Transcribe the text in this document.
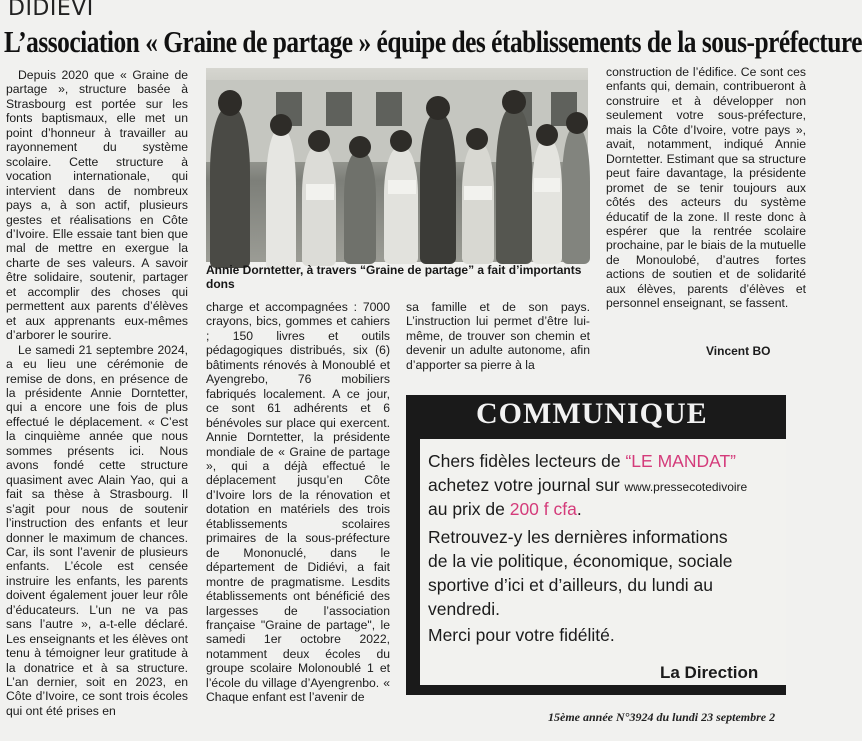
DIDIEVI
L’association « Graine de partage » équipe des établissements de la sous-préfecture

Depuis 2020 que « Graine de partage », structure basée à Strasbourg est portée sur les fonts baptismaux, elle met un point d’honneur à travailler au rayonnement du système scolaire. Cette structure à vocation internationale, qui intervient dans de nombreux pays a, à son actif, plusieurs gestes et réalisations en Côte d’Ivoire. Elle essaie tant bien que mal de mettre en exergue la charte de ses valeurs. A savoir être solidaire, soutenir, partager et accomplir des choses qui permettent aux parents d’élèves et aux apprenants eux-mêmes d’arborer le sourire.

Le samedi 21 septembre 2024, a eu lieu une cérémonie de remise de dons, en présence de la présidente Annie Dorntetter, qui a encore une fois de plus effectué le déplacement. « C’est la cinquième année que nous sommes présents ici. Nous avons fondé cette structure quasiment avec Alain Yao, qui a fait sa thèse à Strasbourg. Il s’agit pour nous de soutenir l’instruction des enfants et leur donner le maximum de chances. Car, ils sont l’avenir de plusieurs enfants. L’école est censée instruire les enfants, les parents doivent également jouer leur rôle d’éducateurs. L’un ne va pas sans l’autre », a-t-elle déclaré. Les enseignants et les élèves ont tenu à témoigner leur gratitude à la donatrice et à sa structure. L’an dernier, soit en 2023, en Côte d’Ivoire, ce sont trois écoles qui ont été prises en

Annie Dorntetter, à travers “Graine de partage” a fait d’importants dons

charge et accompagnées : 7000 crayons, bics, gommes et cahiers ; 150 livres et outils pédagogiques distribués, six (6) bâtiments rénovés à Monoublé et Ayengrebo, 76 mobiliers fabriqués localement. A ce jour, ce sont 61 adhérents et 6 bénévoles sur place qui exercent. Annie Dorntetter, la présidente mondiale de « Graine de partage », qui a déjà effectué le déplacement jusqu’en Côte d’Ivoire lors de la rénovation et dotation en matériels des trois établissements scolaires primaires de la sous-préfecture de Mononuclé, dans le département de Didiévi, a fait montre de pragmatisme. Lesdits établissements ont bénéficié des largesses de l’association française "Graine de partage", le samedi 1er octobre 2022, notamment deux écoles du groupe scolaire Molonoublé 1 et l’école du village d’Ayengrenbo. « Chaque enfant est l’avenir de

sa famille et de son pays. L’instruction lui permet d’être lui-même, de trouver son chemin et devenir un adulte autonome, afin d’apporter sa pierre à la

construction de l’édifice. Ce sont ces enfants qui, demain, contribueront à construire et à développer non seulement votre sous-préfecture, mais la Côte d’Ivoire, votre pays », avait, notamment, indiqué Annie Dorntetter. Estimant que sa structure peut faire davantage, la présidente promet de se tenir toujours aux côtés des acteurs du système éducatif de la zone. Il reste donc à espérer que la rentrée scolaire prochaine, par le biais de la mutuelle de Monoulobé, d’autres fortes actions de soutien et de solidarité aux élèves, parents d’élèves et personnel enseignant, se fassent.

Vincent BO
COMMUNIQUE
Chers fidèles lecteurs de “LE MANDAT”
achetez votre journal sur www.pressecotedivoire
au prix de 200 f cfa.
Retrouvez-y les dernières informations
de la vie politique, économique, sociale
sportive d’ici et d’ailleurs, du lundi au
vendredi.
Merci pour votre fidélité.
La Direction
15ème année N°3924 du lundi 23 septembre 2
